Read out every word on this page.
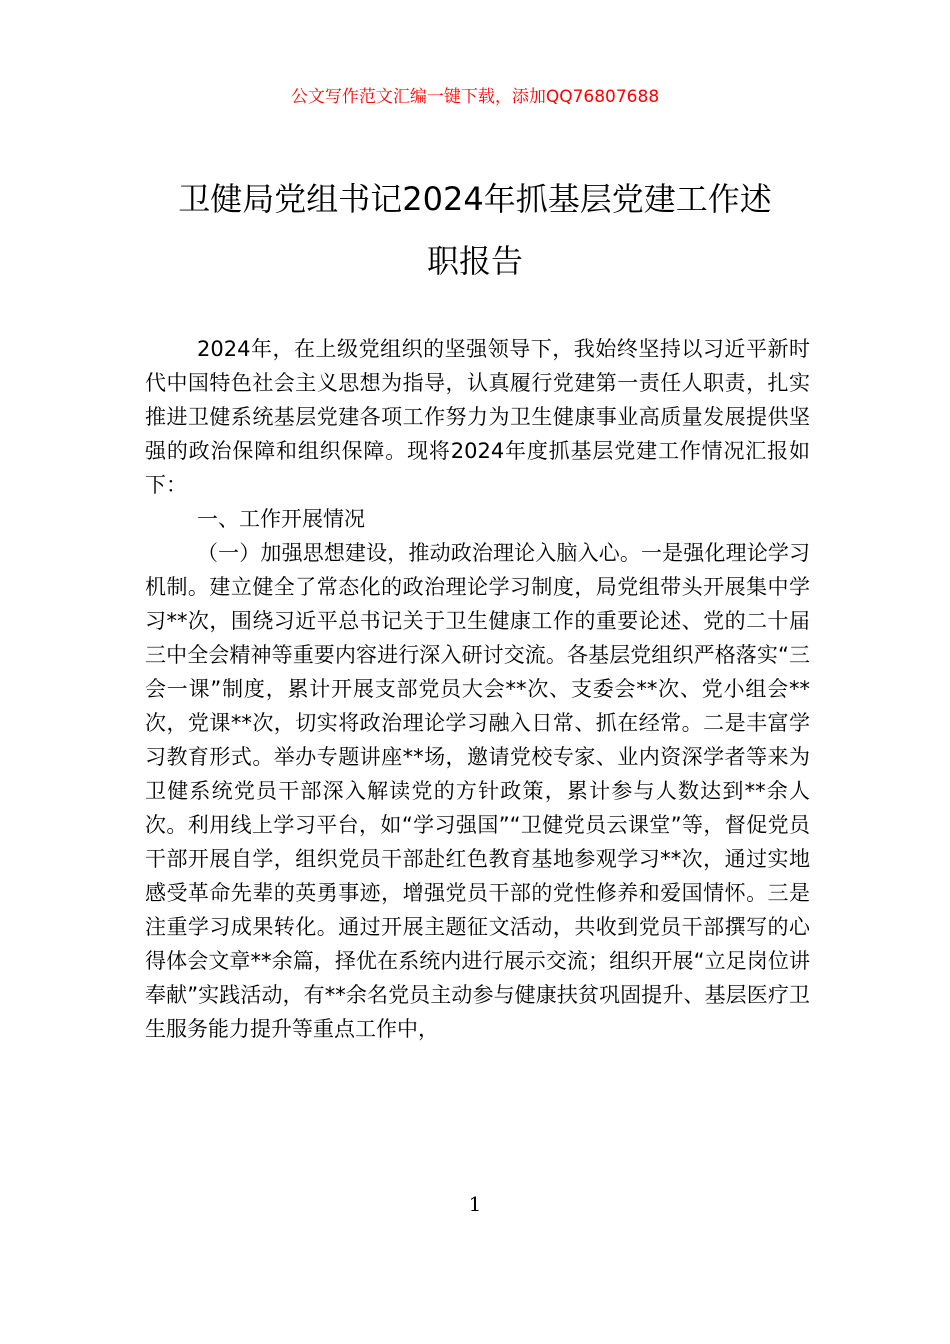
公文写作范文汇编一键下载，添加QQ76807688
卫健局党组书记2024年抓基层党建工作述
职报告

2024年，在上级党组织的坚强领导下，我始终坚持以习近平新时代中国特色社会主义思想为指导，认真履行党建第一责任人职责，扎实推进卫健系统基层党建各项工作努力为卫生健康事业高质量发展提供坚强的政治保障和组织保障。现将2024年度抓基层党建工作情况汇报如下：

一、工作开展情况

（一）加强思想建设，推动政治理论入脑入心。一是强化理论学习机制。建立健全了常态化的政治理论学习制度，局党组带头开展集中学习**次，围绕习近平总书记关于卫生健康工作的重要论述、党的二十届三中全会精神等重要内容进行深入研讨交流。各基层党组织严格落实“三会一课”制度，累计开展支部党员大会**次、支委会**次、党小组会**次，党课**次，切实将政治理论学习融入日常、抓在经常。二是丰富学习教育形式。举办专题讲座**场，邀请党校专家、业内资深学者等来为卫健系统党员干部深入解读党的方针政策，累计参与人数达到**余人次。利用线上学习平台，如“学习强国”“卫健党员云课堂”等，督促党员干部开展自学，组织党员干部赴红色教育基地参观学习**次，通过实地感受革命先辈的英勇事迹，增强党员干部的党性修养和爱国情怀。三是注重学习成果转化。通过开展主题征文活动，共收到党员干部撰写的心得体会文章**余篇，择优在系统内进行展示交流；组织开展“立足岗位讲奉献”实践活动，有**余名党员主动参与健康扶贫巩固提升、基层医疗卫生服务能力提升等重点工作中，

1
